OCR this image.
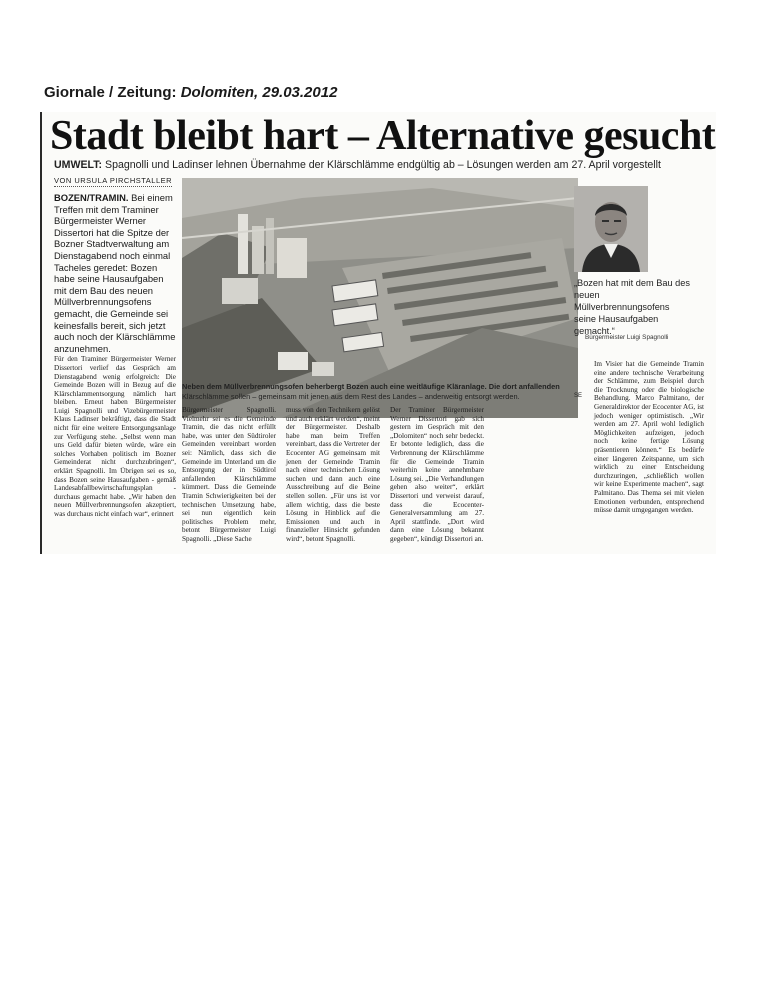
Giornale / Zeitung: Dolomiten, 29.03.2012
Stadt bleibt hart – Alternative gesucht
UMWELT: Spagnolli und Ladinser lehnen Übernahme der Klärschlämme endgültig ab – Lösungen werden am 27. April vorgestellt
VON URSULA PIRCHSTALLER
BOZEN/TRAMIN. Bei einem Treffen mit dem Traminer Bürgermeister Werner Dissertori hat die Spitze der Bozner Stadtverwaltung am Dienstagabend noch einmal Tacheles geredet: Bozen habe seine Hausaufgaben mit dem Bau des neuen Müllverbrennungsofens gemacht, die Gemeinde sei keinesfalls bereit, sich jetzt auch noch der Klärschlämme anzunehmen.
Für den Traminer Bürgermeister Werner Dissertori verlief das Gespräch am Dienstagabend wenig erfolgreich: Die Gemeinde Bozen will in Bezug auf die Klärschlammentsorgung nämlich hart bleiben. Erneut haben Bürgermeister Luigi Spagnolli und Vizebürgermeister Klaus Ladinser bekräftigt, dass die Stadt nicht für eine weitere Entsorgungsanlage zur Verfügung stehe. „Selbst wenn man uns Geld dafür bieten würde, wäre ein solches Vorhaben politisch im Bozner Gemeinderat nicht durchzubringen“, erklärt Spagnolli. Im Übrigen sei es so, dass Bozen seine Hausaufgaben - gemäß Landesabfallbewirtschaftungsplan - durchaus gemacht habe. „Wir haben den neuen Müllverbrennungsofen akzeptiert, was durchaus nicht einfach war“, erinnert
„Bozen hat mit dem Bau des neuen Müllverbrennungsofens seine Hausaufgaben gemacht.“
Bürgermeister Luigi Spagnolli
Neben dem Müllverbrennungsofen beherbergt Bozen auch eine weitläufige Kläranlage. Die dort anfallenden
Klärschlämme sollen – gemeinsam mit jenen aus dem Rest des Landes – anderweitig entsorgt werden.	SE
Bürgermeister Spagnolli. Vielmehr sei es die Gemeinde Tramin, die das nicht erfüllt habe, was unter den Südtiroler Gemeinden vereinbart worden sei: Nämlich, dass sich die Gemeinde im Unterland um die Entsorgung der in Südtirol anfallenden Klärschlämme kümmert. Dass die Gemeinde Tramin Schwierigkeiten bei der technischen Umsetzung habe, sei nun eigentlich kein politisches Problem mehr, betont Bürgermeister Luigi Spagnolli. „Diese Sache
muss von den Technikern gelöst und auch erklärt werden“, meint der Bürgermeister. Deshalb habe man beim Treffen vereinbart, dass die Vertreter der Ecocenter AG gemeinsam mit jenen der Gemeinde Tramin nach einer technischen Lösung suchen und dann auch eine Ausschreibung auf die Beine stellen sollen. „Für uns ist vor allem wichtig, dass die beste Lösung in Hinblick auf die Emissionen und auch in finanzieller Hinsicht gefunden wird“, betont Spagnolli.
Der Traminer Bürgermeister Werner Dissertori gab sich gestern im Gespräch mit den „Dolomiten“ noch sehr bedeckt. Er betonte lediglich, dass die Verbrennung der Klärschlämme für die Gemeinde Tramin weiterhin keine annehmbare Lösung sei. „Die Verhandlungen gehen also weiter“, erklärt Dissertori und verweist darauf, dass die Ecocenter-Generalversammlung am 27. April stattfinde. „Dort wird dann eine Lösung bekannt gegeben“, kündigt Dissertori an.
Im Visier hat die Gemeinde Tramin eine andere technische Verarbeitung der Schlämme, zum Beispiel durch die Trocknung oder die biologische Behandlung. Marco Palmitano, der Generaldirektor der Ecocenter AG, ist jedoch weniger optimistisch. „Wir werden am 27. April wohl lediglich Möglichkeiten aufzeigen, jedoch noch keine fertige Lösung präsentieren können.“ Es bedürfe einer längeren Zeitspanne, um sich wirklich zu einer Entscheidung durchzuringen, „schließlich wollen wir keine Experimente machen“, sagt Palmitano. Das Thema sei mit vielen Emotionen verbunden, entsprechend müsse damit umgegangen werden.
